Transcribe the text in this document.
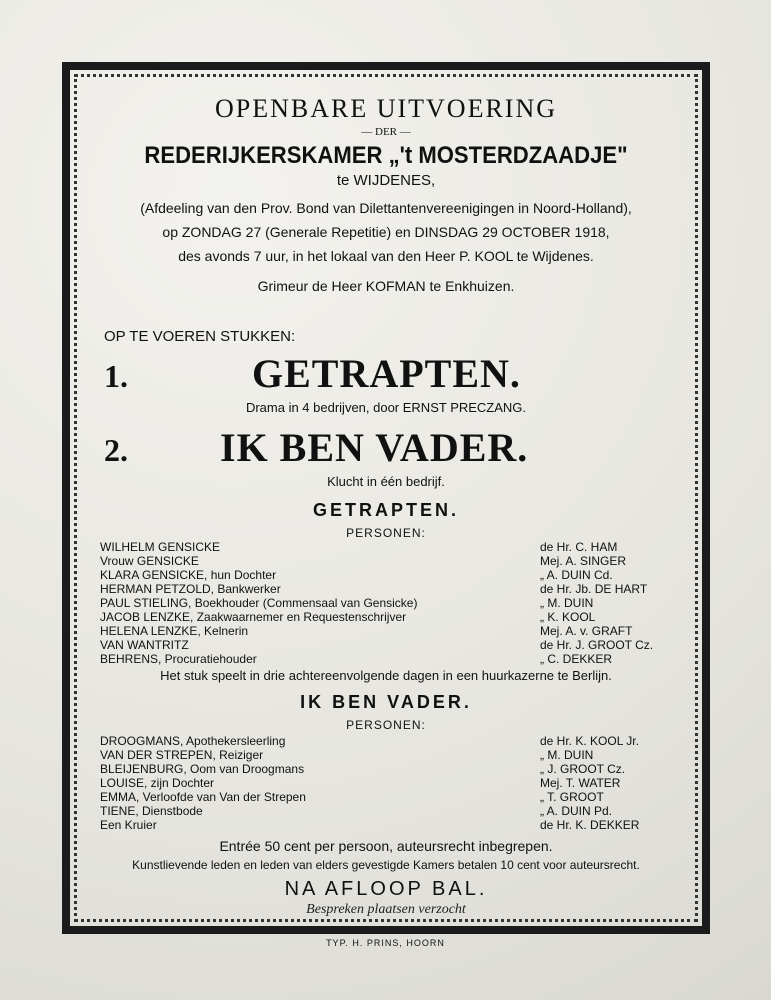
OPENBARE UITVOERING
— DER —
REDERIJKERSKAMER „'t MOSTERDZAADJE"
te WIJDENES,
(Afdeeling van den Prov. Bond van Dilettantenvereenigingen in Noord-Holland),
op ZONDAG 27 (Generale Repetitie) en DINSDAG 29 OCTOBER 1918,
des avonds 7 uur, in het lokaal van den Heer P. KOOL te Wijdenes.
Grimeur de Heer KOFMAN te Enkhuizen.
OP TE VOEREN STUKKEN:
1.	GETRAPTEN.
Drama in 4 bedrijven, door ERNST PRECZANG.
2. IK BEN VADER.
Klucht in één bedrijf.
GETRAPTEN.
PERSONEN:
WILHELM GENSICKE	de Hr. C. HAM
Vrouw GENSICKE	Mej. A. SINGER
KLARA GENSICKE, hun Dochter	„ A. DUIN Cd.
HERMAN PETZOLD, Bankwerker	de Hr. Jb. DE HART
PAUL STIELING, Boekhouder (Commensaal van Gensicke)	„ M. DUIN
JACOB LENZKE, Zaakwaarnemer en Requestenschrijver	„ K. KOOL
HELENA LENZKE, Kelnerin	Mej. A. v. GRAFT
VAN WANTRITZ	de Hr. J. GROOT Cz.
BEHRENS, Procuratiehouder	„ C. DEKKER
Het stuk speelt in drie achtereenvolgende dagen in een huurkazerne te Berlijn.
IK BEN VADER.
PERSONEN:
DROOGMANS, Apothekersleerling	de Hr. K. KOOL Jr.
VAN DER STREPEN, Reiziger	„ M. DUIN
BLEIJENBURG, Oom van Droogmans	„ J. GROOT Cz.
LOUISE, zijn Dochter	Mej. T. WATER
EMMA, Verloofde van Van der Strepen	„ T. GROOT
TIENE, Dienstbode	„ A. DUIN Pd.
Een Kruier	de Hr. K. DEKKER
Entrée 50 cent per persoon, auteursrecht inbegrepen.
Kunstlievende leden en leden van elders gevestigde Kamers betalen 10 cent voor auteursrecht.
NA AFLOOP BAL.
Bespreken plaatsen verzocht
TYP. H. PRINS, HOORN
